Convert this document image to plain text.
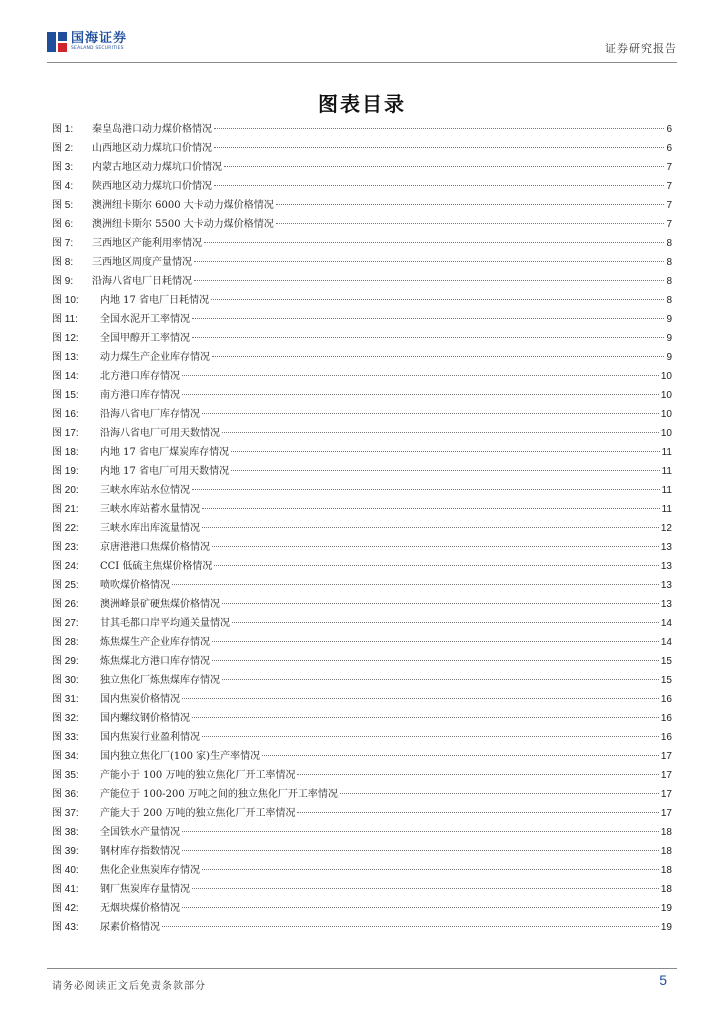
国海证券
SEALAND SECURITIES	证券研究报告
图表目录
图 1:	秦皇岛港口动力煤价格情况	6
图 2:	山西地区动力煤坑口价情况	6
图 3:	内蒙古地区动力煤坑口价情况	7
图 4:	陕西地区动力煤坑口价情况	7
图 5:	澳洲纽卡斯尔 6000 大卡动力煤价格情况	7
图 6:	澳洲纽卡斯尔 5500 大卡动力煤价格情况	7
图 7:	三西地区产能利用率情况	8
图 8:	三西地区周度产量情况	8
图 9:	沿海八省电厂日耗情况	8
图 10:	内地 17 省电厂日耗情况	8
图 11:	全国水泥开工率情况	9
图 12:	全国甲醇开工率情况	9
图 13:	动力煤生产企业库存情况	9
图 14:	北方港口库存情况	10
图 15:	南方港口库存情况	10
图 16:	沿海八省电厂库存情况	10
图 17:	沿海八省电厂可用天数情况	10
图 18:	内地 17 省电厂煤炭库存情况	11
图 19:	内地 17 省电厂可用天数情况	11
图 20:	三峡水库站水位情况	11
图 21:	三峡水库站蓄水量情况	11
图 22:	三峡水库出库流量情况	12
图 23:	京唐港港口焦煤价格情况	13
图 24:	CCI 低硫主焦煤价格情况	13
图 25:	喷吹煤价格情况	13
图 26:	澳洲峰景矿硬焦煤价格情况	13
图 27:	甘其毛都口岸平均通关量情况	14
图 28:	炼焦煤生产企业库存情况	14
图 29:	炼焦煤北方港口库存情况	15
图 30:	独立焦化厂炼焦煤库存情况	15
图 31:	国内焦炭价格情况	16
图 32:	国内螺纹钢价格情况	16
图 33:	国内焦炭行业盈利情况	16
图 34:	国内独立焦化厂(100 家)生产率情况	17
图 35:	产能小于 100 万吨的独立焦化厂开工率情况	17
图 36:	产能位于 100-200 万吨之间的独立焦化厂开工率情况	17
图 37:	产能大于 200 万吨的独立焦化厂开工率情况	17
图 38:	全国铁水产量情况	18
图 39:	钢材库存指数情况	18
图 40:	焦化企业焦炭库存情况	18
图 41:	钢厂焦炭库存量情况	18
图 42:	无烟块煤价格情况	19
图 43:	尿素价格情况	19
请务必阅读正文后免责条款部分	5
